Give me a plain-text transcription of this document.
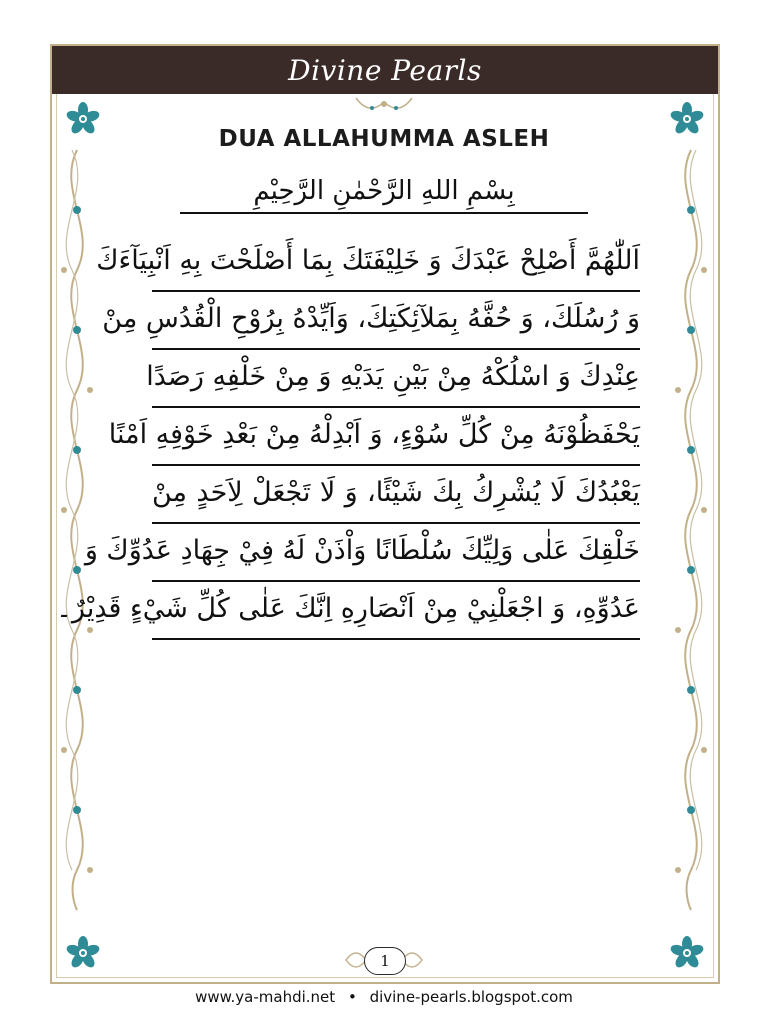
Divine Pearls
DUA ALLAHUMMA ASLEH
بِسْمِ اللهِ الرَّحْمٰنِ الرَّحِيْمِ
اَللّٰهُمَّ أَصْلِحْ عَبْدَكَ وَ خَلِيْفَتَكَ بِمَا أَصْلَحْتَ بِهِ اَنْبِيَآءَكَ
وَ رُسُلَكَ، وَ حُفَّهُ بِمَلآئِكَتِكَ، وَاَيِّدْهُ بِرُوْحِ الْقُدُسِ مِنْ
عِنْدِكَ وَ اسْلُكْهُ مِنْ بَيْنِ يَدَيْهِ وَ مِنْ خَلْفِهِ رَصَدًا
يَحْفَظُوْنَهُ مِنْ كُلِّ سُوْءٍ، وَ اَبْدِلْهُ مِنْ بَعْدِ خَوْفِهِ اَمْنًا
يَعْبُدُكَ لَا يُشْرِكُ بِكَ شَيْئًا، وَ لَا تَجْعَلْ لِاَحَدٍ مِنْ
خَلْقِكَ عَلٰى وَلِيِّكَ سُلْطَانًا وَاْذَنْ لَهُ فِيْ جِهَادِ عَدُوِّكَ وَ
عَدُوِّهِ، وَ اجْعَلْنِيْ مِنْ اَنْصَارِهِ اِنَّكَ عَلٰى كُلِّ شَيْءٍ قَدِيْرٌ۔
1
www.ya-mahdi.net • divine-pearls.blogspot.com
